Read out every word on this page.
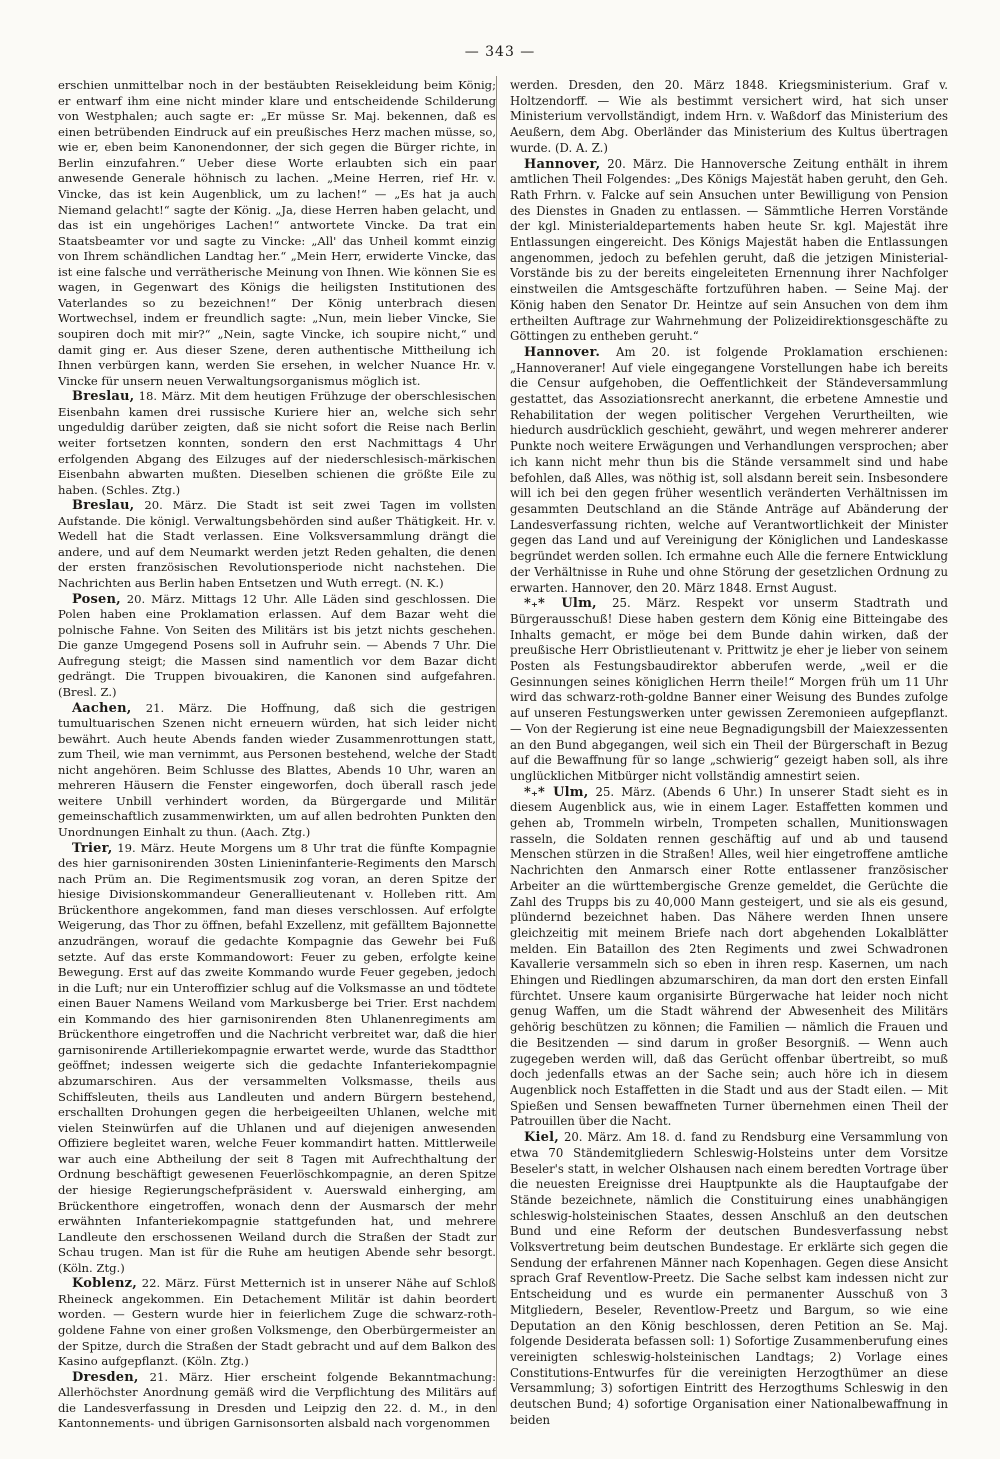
— 343 —

erschien unmittelbar noch in der bestäubten Reisekleidung beim König; er entwarf ihm eine nicht minder klare und entscheidende Schilderung von Westphalen; auch sagte er: „Er müsse Sr. Maj. bekennen, daß es einen betrübenden Eindruck auf ein preußisches Herz machen müsse, so, wie er, eben beim Kanonendonner, der sich gegen die Bürger richte, in Berlin einzufahren.“ Ueber diese Worte erlaubten sich ein paar anwesende Generale höhnisch zu lachen. „Meine Herren, rief Hr. v. Vincke, das ist kein Augenblick, um zu lachen!“ — „Es hat ja auch Niemand gelacht!“ sagte der König. „Ja, diese Herren haben gelacht, und das ist ein ungehöriges Lachen!“ antwortete Vincke. Da trat ein Staatsbeamter vor und sagte zu Vincke: „All' das Unheil kommt einzig von Ihrem schändlichen Landtag her.“ „Mein Herr, erwiderte Vincke, das ist eine falsche und verrätherische Meinung von Ihnen. Wie können Sie es wagen, in Gegenwart des Königs die heiligsten Institutionen des Vaterlandes so zu bezeichnen!“ Der König unterbrach diesen Wortwechsel, indem er freundlich sagte: „Nun, mein lieber Vincke, Sie soupiren doch mit mir?“ „Nein, sagte Vincke, ich soupire nicht,“ und damit ging er. Aus dieser Szene, deren authentische Mittheilung ich Ihnen verbürgen kann, werden Sie ersehen, in welcher Nuance Hr. v. Vincke für unsern neuen Verwaltungsorganismus möglich ist.

Breslau, 18. März. Mit dem heutigen Frühzuge der oberschlesischen Eisenbahn kamen drei russische Kuriere hier an, welche sich sehr ungeduldig darüber zeigten, daß sie nicht sofort die Reise nach Berlin weiter fortsetzen konnten, sondern den erst Nachmittags 4 Uhr erfolgenden Abgang des Eilzuges auf der niederschlesisch-märkischen Eisenbahn abwarten mußten. Dieselben schienen die größte Eile zu haben. (Schles. Ztg.)

Breslau, 20. März. Die Stadt ist seit zwei Tagen im vollsten Aufstande. Die königl. Verwaltungsbehörden sind außer Thätigkeit. Hr. v. Wedell hat die Stadt verlassen. Eine Volksversammlung drängt die andere, und auf dem Neumarkt werden jetzt Reden gehalten, die denen der ersten französischen Revolutionsperiode nicht nachstehen. Die Nachrichten aus Berlin haben Entsetzen und Wuth erregt. (N. K.)

Posen, 20. März. Mittags 12 Uhr. Alle Läden sind geschlossen. Die Polen haben eine Proklamation erlassen. Auf dem Bazar weht die polnische Fahne. Von Seiten des Militärs ist bis jetzt nichts geschehen. Die ganze Umgegend Posens soll in Aufruhr sein. — Abends 7 Uhr. Die Aufregung steigt; die Massen sind namentlich vor dem Bazar dicht gedrängt. Die Truppen bivouakiren, die Kanonen sind aufgefahren. (Bresl. Z.)

Aachen, 21. März. Die Hoffnung, daß sich die gestrigen tumultuarischen Szenen nicht erneuern würden, hat sich leider nicht bewährt. Auch heute Abends fanden wieder Zusammenrottungen statt, zum Theil, wie man vernimmt, aus Personen bestehend, welche der Stadt nicht angehören. Beim Schlusse des Blattes, Abends 10 Uhr, waren an mehreren Häusern die Fenster eingeworfen, doch überall rasch jede weitere Unbill verhindert worden, da Bürgergarde und Militär gemeinschaftlich zusammenwirkten, um auf allen bedrohten Punkten den Unordnungen Einhalt zu thun. (Aach. Ztg.)

Trier, 19. März. Heute Morgens um 8 Uhr trat die fünfte Kompagnie des hier garnisonirenden 30sten Linieninfanterie-Regiments den Marsch nach Prüm an. Die Regimentsmusik zog voran, an deren Spitze der hiesige Divisionskommandeur Generallieutenant v. Holleben ritt. Am Brückenthore angekommen, fand man dieses verschlossen. Auf erfolgte Weigerung, das Thor zu öffnen, befahl Exzellenz, mit gefälltem Bajonnette anzudrängen, worauf die gedachte Kompagnie das Gewehr bei Fuß setzte. Auf das erste Kommandowort: Feuer zu geben, erfolgte keine Bewegung. Erst auf das zweite Kommando wurde Feuer gegeben, jedoch in die Luft; nur ein Unteroffizier schlug auf die Volksmasse an und tödtete einen Bauer Namens Weiland vom Markusberge bei Trier. Erst nachdem ein Kommando des hier garnisonirenden 8ten Uhlanenregiments am Brückenthore eingetroffen und die Nachricht verbreitet war, daß die hier garnisonirende Artilleriekompagnie erwartet werde, wurde das Stadtthor geöffnet; indessen weigerte sich die gedachte Infanteriekompagnie abzumarschiren. Aus der versammelten Volksmasse, theils aus Schiffsleuten, theils aus Landleuten und andern Bürgern bestehend, erschallten Drohungen gegen die herbeigeeilten Uhlanen, welche mit vielen Steinwürfen auf die Uhlanen und auf diejenigen anwesenden Offiziere begleitet waren, welche Feuer kommandirt hatten. Mittlerweile war auch eine Abtheilung der seit 8 Tagen mit Aufrechthaltung der Ordnung beschäftigt gewesenen Feuerlöschkompagnie, an deren Spitze der hiesige Regierungschefpräsident v. Auerswald einherging, am Brückenthore eingetroffen, wonach denn der Ausmarsch der mehr erwähnten Infanteriekompagnie stattgefunden hat, und mehrere Landleute den erschossenen Weiland durch die Straßen der Stadt zur Schau trugen. Man ist für die Ruhe am heutigen Abende sehr besorgt. (Köln. Ztg.)

Koblenz, 22. März. Fürst Metternich ist in unserer Nähe auf Schloß Rheineck angekommen. Ein Detachement Militär ist dahin beordert worden. — Gestern wurde hier in feierlichem Zuge die schwarz-roth-goldene Fahne von einer großen Volksmenge, den Oberbürgermeister an der Spitze, durch die Straßen der Stadt gebracht und auf dem Balkon des Kasino aufgepflanzt. (Köln. Ztg.)

Dresden, 21. März. Hier erscheint folgende Bekanntmachung: Allerhöchster Anordnung gemäß wird die Verpflichtung des Militärs auf die Landesverfassung in Dresden und Leipzig den 22. d. M., in den Kantonnements- und übrigen Garnisonsorten alsbald nach vorgenommen

werden. Dresden, den 20. März 1848. Kriegsministerium. Graf v. Holtzendorff. — Wie als bestimmt versichert wird, hat sich unser Ministerium vervollständigt, indem Hrn. v. Waßdorf das Ministerium des Aeußern, dem Abg. Oberländer das Ministerium des Kultus übertragen wurde. (D. A. Z.)

Hannover, 20. März. Die Hannoversche Zeitung enthält in ihrem amtlichen Theil Folgendes: „Des Königs Majestät haben geruht, den Geh. Rath Frhrn. v. Falcke auf sein Ansuchen unter Bewilligung von Pension des Dienstes in Gnaden zu entlassen. — Sämmtliche Herren Vorstände der kgl. Ministerialdepartements haben heute Sr. kgl. Majestät ihre Entlassungen eingereicht. Des Königs Majestät haben die Entlassungen angenommen, jedoch zu befehlen geruht, daß die jetzigen Ministerial-Vorstände bis zu der bereits eingeleiteten Ernennung ihrer Nachfolger einstweilen die Amtsgeschäfte fortzuführen haben. — Seine Maj. der König haben den Senator Dr. Heintze auf sein Ansuchen von dem ihm ertheilten Auftrage zur Wahrnehmung der Polizeidirektionsgeschäfte zu Göttingen zu entheben geruht.“

Hannover. Am 20. ist folgende Proklamation erschienen: „Hannoveraner! Auf viele eingegangene Vorstellungen habe ich bereits die Censur aufgehoben, die Oeffentlichkeit der Ständeversammlung gestattet, das Assoziationsrecht anerkannt, die erbetene Amnestie und Rehabilitation der wegen politischer Vergehen Verurtheilten, wie hiedurch ausdrücklich geschieht, gewährt, und wegen mehrerer anderer Punkte noch weitere Erwägungen und Verhandlungen versprochen; aber ich kann nicht mehr thun bis die Stände versammelt sind und habe befohlen, daß Alles, was nöthig ist, soll alsdann bereit sein. Insbesondere will ich bei den gegen früher wesentlich veränderten Verhältnissen im gesammten Deutschland an die Stände Anträge auf Abänderung der Landesverfassung richten, welche auf Verantwortlichkeit der Minister gegen das Land und auf Vereinigung der Königlichen und Landeskasse begründet werden sollen. Ich ermahne euch Alle die fernere Entwicklung der Verhältnisse in Ruhe und ohne Störung der gesetzlichen Ordnung zu erwarten. Hannover, den 20. März 1848. Ernst August.

*₊* Ulm, 25. März. Respekt vor unserm Stadtrath und Bürgerausschuß! Diese haben gestern dem König eine Bitteingabe des Inhalts gemacht, er möge bei dem Bunde dahin wirken, daß der preußische Herr Obristlieutenant v. Prittwitz je eher je lieber von seinem Posten als Festungsbaudirektor abberufen werde, „weil er die Gesinnungen seines königlichen Herrn theile!“ Morgen früh um 11 Uhr wird das schwarz-roth-goldne Banner einer Weisung des Bundes zufolge auf unseren Festungswerken unter gewissen Zeremonieen aufgepflanzt. — Von der Regierung ist eine neue Begnadigungsbill der Maiexzessenten an den Bund abgegangen, weil sich ein Theil der Bürgerschaft in Bezug auf die Bewaffnung für so lange „schwierig“ gezeigt haben soll, als ihre unglücklichen Mitbürger nicht vollständig amnestirt seien.

*₊* Ulm, 25. März. (Abends 6 Uhr.) In unserer Stadt sieht es in diesem Augenblick aus, wie in einem Lager. Estaffetten kommen und gehen ab, Trommeln wirbeln, Trompeten schallen, Munitionswagen rasseln, die Soldaten rennen geschäftig auf und ab und tausend Menschen stürzen in die Straßen! Alles, weil hier eingetroffene amtliche Nachrichten den Anmarsch einer Rotte entlassener französischer Arbeiter an die württembergische Grenze gemeldet, die Gerüchte die Zahl des Trupps bis zu 40,000 Mann gesteigert, und sie als eis gesund, plündernd bezeichnet haben. Das Nähere werden Ihnen unsere gleichzeitig mit meinem Briefe nach dort abgehenden Lokalblätter melden. Ein Bataillon des 2ten Regiments und zwei Schwadronen Kavallerie versammeln sich so eben in ihren resp. Kasernen, um nach Ehingen und Riedlingen abzumarschiren, da man dort den ersten Einfall fürchtet. Unsere kaum organisirte Bürgerwache hat leider noch nicht genug Waffen, um die Stadt während der Abwesenheit des Militärs gehörig beschützen zu können; die Familien — nämlich die Frauen und die Besitzenden — sind darum in großer Besorgniß. — Wenn auch zugegeben werden will, daß das Gerücht offenbar übertreibt, so muß doch jedenfalls etwas an der Sache sein; auch höre ich in diesem Augenblick noch Estaffetten in die Stadt und aus der Stadt eilen. — Mit Spießen und Sensen bewaffneten Turner übernehmen einen Theil der Patrouillen über die Nacht.

Kiel, 20. März. Am 18. d. fand zu Rendsburg eine Versammlung von etwa 70 Ständemitgliedern Schleswig-Holsteins unter dem Vorsitze Beseler's statt, in welcher Olshausen nach einem beredten Vortrage über die neuesten Ereignisse drei Hauptpunkte als die Hauptaufgabe der Stände bezeichnete, nämlich die Constituirung eines unabhängigen schleswig-holsteinischen Staates, dessen Anschluß an den deutschen Bund und eine Reform der deutschen Bundesverfassung nebst Volksvertretung beim deutschen Bundestage. Er erklärte sich gegen die Sendung der erfahrenen Männer nach Kopenhagen. Gegen diese Ansicht sprach Graf Reventlow-Preetz. Die Sache selbst kam indessen nicht zur Entscheidung und es wurde ein permanenter Ausschuß von 3 Mitgliedern, Beseler, Reventlow-Preetz und Bargum, so wie eine Deputation an den König beschlossen, deren Petition an Se. Maj. folgende Desiderata befassen soll: 1) Sofortige Zusammenberufung eines vereinigten schleswig-holsteinischen Landtags; 2) Vorlage eines Constitutions-Entwurfes für die vereinigten Herzogthümer an diese Versammlung; 3) sofortigen Eintritt des Herzogthums Schleswig in den deutschen Bund; 4) sofortige Organisation einer Nationalbewaffnung in beiden
